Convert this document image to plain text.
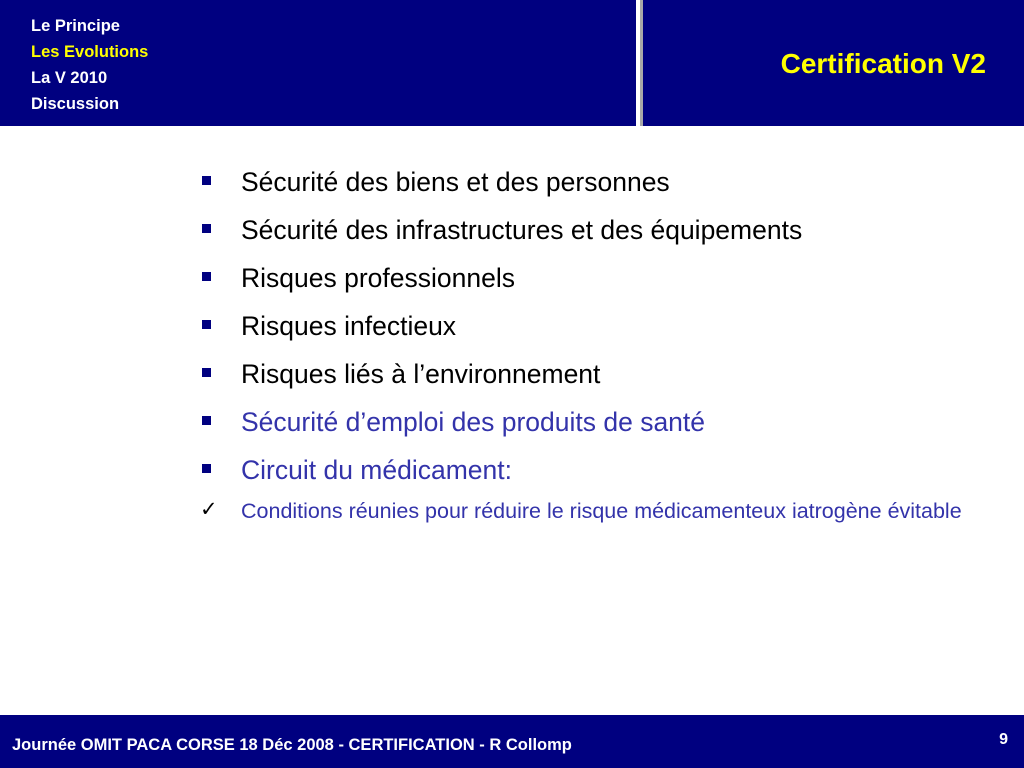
Le Principe
Les Evolutions
La V 2010
Discussion
Certification V2
Sécurité des biens et des personnes
Sécurité des infrastructures et des équipements
Risques professionnels
Risques infectieux
Risques liés à l’environnement
Sécurité d’emploi des produits de santé
Circuit du médicament:
✓ Conditions réunies pour réduire le risque médicamenteux iatrogène évitable
Journée OMIT PACA CORSE 18 Déc 2008 - CERTIFICATION - R Collomp	9
